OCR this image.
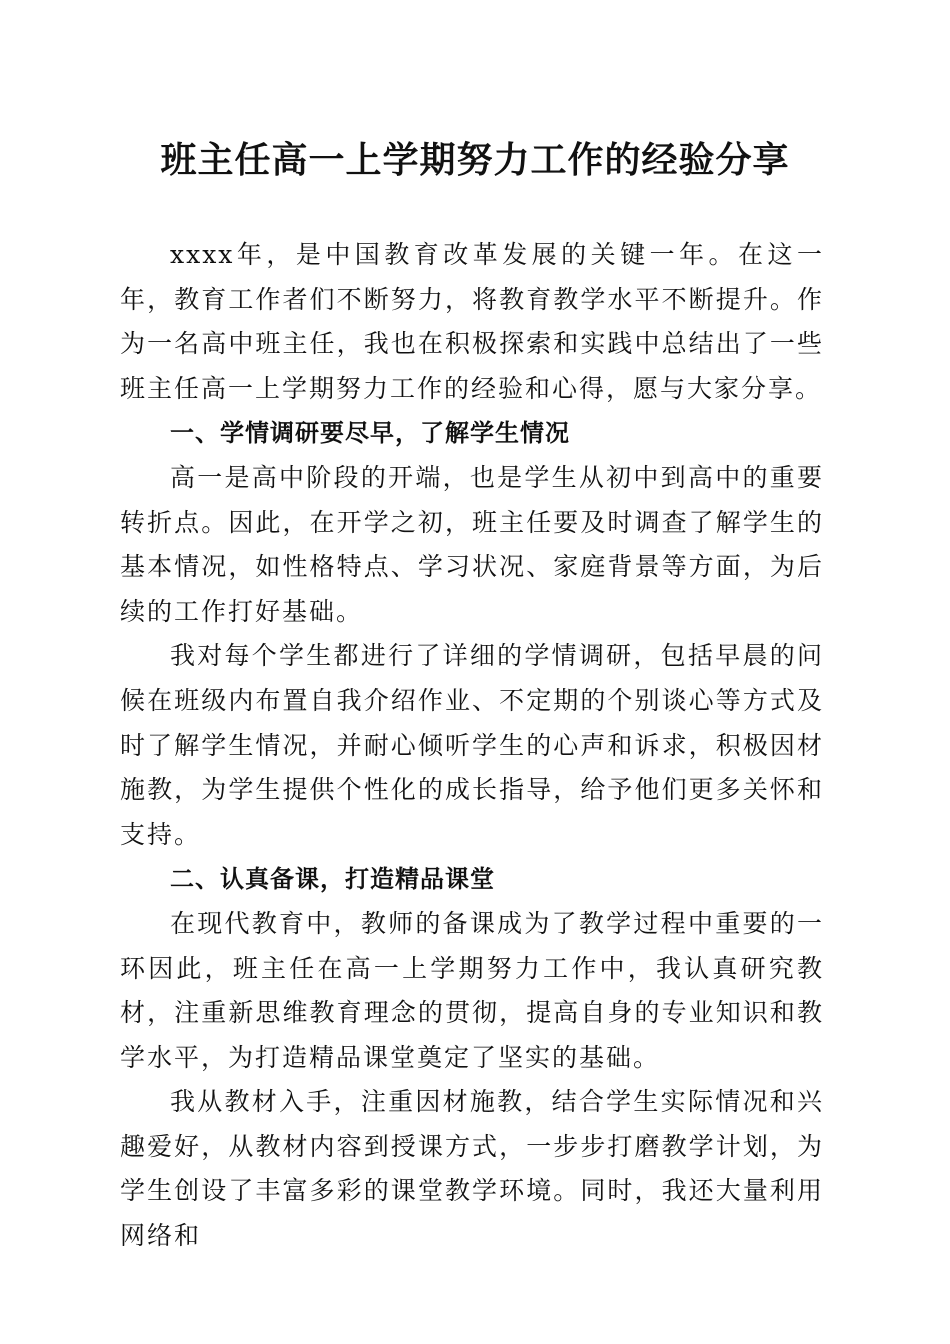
班主任高一上学期努力工作的经验分享

xxxx年，是中国教育改革发展的关键一年。在这一年，教育工作者们不断努力，将教育教学水平不断提升。作为一名高中班主任，我也在积极探索和实践中总结出了一些班主任高一上学期努力工作的经验和心得，愿与大家分享。

一、学情调研要尽早，了解学生情况

高一是高中阶段的开端，也是学生从初中到高中的重要转折点。因此，在开学之初，班主任要及时调查了解学生的基本情况，如性格特点、学习状况、家庭背景等方面，为后续的工作打好基础。

我对每个学生都进行了详细的学情调研，包括早晨的问候在班级内布置自我介绍作业、不定期的个别谈心等方式及时了解学生情况，并耐心倾听学生的心声和诉求，积极因材施教，为学生提供个性化的成长指导，给予他们更多关怀和支持。

二、认真备课，打造精品课堂

在现代教育中，教师的备课成为了教学过程中重要的一环因此，班主任在高一上学期努力工作中，我认真研究教材，注重新思维教育理念的贯彻，提高自身的专业知识和教学水平，为打造精品课堂奠定了坚实的基础。

我从教材入手，注重因材施教，结合学生实际情况和兴趣爱好，从教材内容到授课方式，一步步打磨教学计划，为学生创设了丰富多彩的课堂教学环境。同时，我还大量利用网络和
